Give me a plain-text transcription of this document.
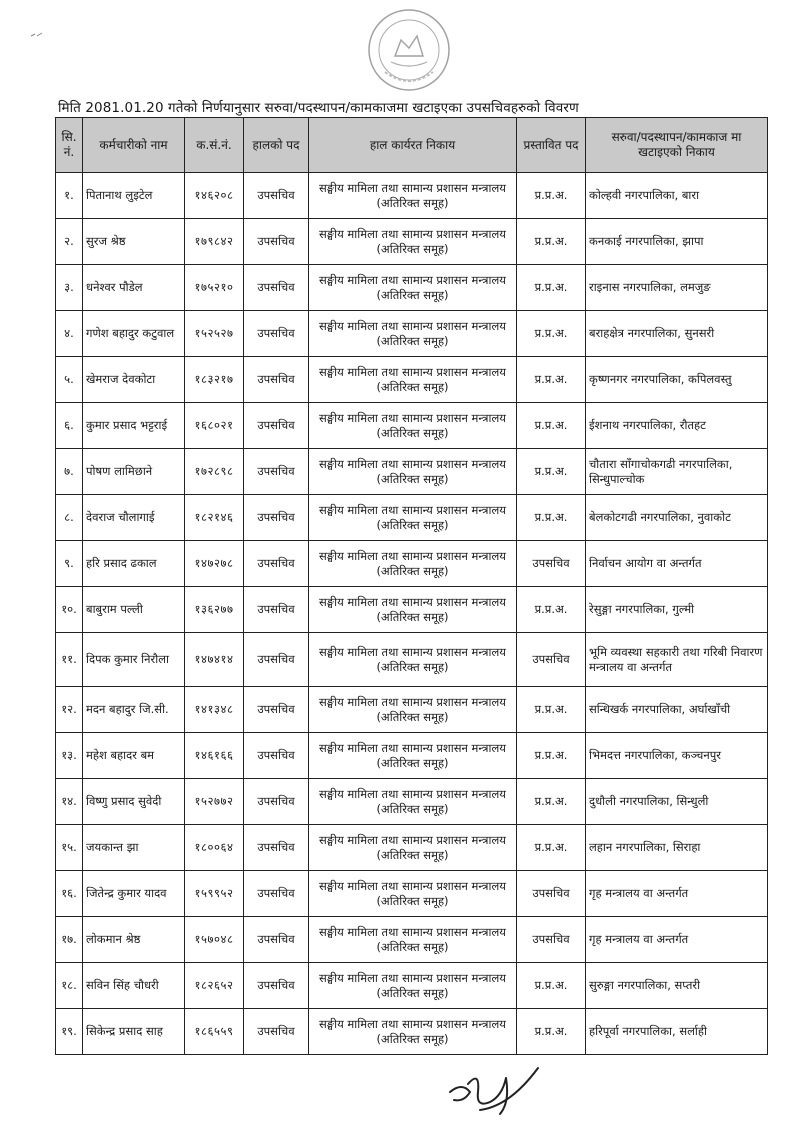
मिति 2081.01.20 गतेको निर्णयानुसार सरुवा/पदस्थापन/कामकाजमा खटाइएका उपसचिवहरुको विवरण
सि. नं.	कर्मचारीको नाम	क.सं.नं.	हालको पद	हाल कार्यरत निकाय	प्रस्तावित पद	सरुवा/पदस्थापन/कामकाज मा खटाइएको निकाय
१.	पितानाथ लुइटेल	१४६२०८	उपसचिव	सङ्घीय मामिला तथा सामान्य प्रशासन मन्त्रालय (अतिरिक्त समूह)	प्र.प्र.अ.	कोल्हवी नगरपालिका, बारा
२.	सुरज श्रेष्ठ	१७९८४२	उपसचिव	सङ्घीय मामिला तथा सामान्य प्रशासन मन्त्रालय (अतिरिक्त समूह)	प्र.प्र.अ.	कनकाई नगरपालिका, झापा
३.	धनेश्वर पौडेल	१७५२१०	उपसचिव	सङ्घीय मामिला तथा सामान्य प्रशासन मन्त्रालय (अतिरिक्त समूह)	प्र.प्र.अ.	राइनास नगरपालिका, लमजुङ
४.	गणेश बहादुर कटुवाल	१५२५२७	उपसचिव	सङ्घीय मामिला तथा सामान्य प्रशासन मन्त्रालय (अतिरिक्त समूह)	प्र.प्र.अ.	बराहक्षेत्र नगरपालिका, सुनसरी
५.	खेमराज देवकोटा	१८३२१७	उपसचिव	सङ्घीय मामिला तथा सामान्य प्रशासन मन्त्रालय (अतिरिक्त समूह)	प्र.प्र.अ.	कृष्णनगर नगरपालिका, कपिलवस्तु
६.	कुमार प्रसाद भट्टराई	१६८०२१	उपसचिव	सङ्घीय मामिला तथा सामान्य प्रशासन मन्त्रालय (अतिरिक्त समूह)	प्र.प्र.अ.	ईशनाथ नगरपालिका, रौतहट
७.	पोषण लामिछाने	१७२८९८	उपसचिव	सङ्घीय मामिला तथा सामान्य प्रशासन मन्त्रालय (अतिरिक्त समूह)	प्र.प्र.अ.	चौतारा साँगाचोकगढी नगरपालिका, सिन्धुपाल्चोक
८.	देवराज चौलागाई	१८२१४६	उपसचिव	सङ्घीय मामिला तथा सामान्य प्रशासन मन्त्रालय (अतिरिक्त समूह)	प्र.प्र.अ.	बेलकोटगढी नगरपालिका, नुवाकोट
९.	हरि प्रसाद ढकाल	१४७२७८	उपसचिव	सङ्घीय मामिला तथा सामान्य प्रशासन मन्त्रालय (अतिरिक्त समूह)	उपसचिव	निर्वाचन आयोग वा अन्तर्गत
१०.	बाबुराम पल्ली	१३६२७७	उपसचिव	सङ्घीय मामिला तथा सामान्य प्रशासन मन्त्रालय (अतिरिक्त समूह)	प्र.प्र.अ.	रेसुङ्गा नगरपालिका, गुल्मी
११.	दिपक कुमार निरौला	१४७४१४	उपसचिव	सङ्घीय मामिला तथा सामान्य प्रशासन मन्त्रालय (अतिरिक्त समूह)	उपसचिव	भूमि व्यवस्था सहकारी तथा गरिबी निवारण मन्त्रालय वा अन्तर्गत
१२.	मदन बहादुर जि.सी.	१४१३४८	उपसचिव	सङ्घीय मामिला तथा सामान्य प्रशासन मन्त्रालय (अतिरिक्त समूह)	प्र.प्र.अ.	सन्धिखर्क नगरपालिका, अर्घाखाँची
१३.	महेश बहादर बम	१४६१६६	उपसचिव	सङ्घीय मामिला तथा सामान्य प्रशासन मन्त्रालय (अतिरिक्त समूह)	प्र.प्र.अ.	भिमदत्त नगरपालिका, कञ्चनपुर
१४.	विष्णु प्रसाद सुवेदी	१५२७७२	उपसचिव	सङ्घीय मामिला तथा सामान्य प्रशासन मन्त्रालय (अतिरिक्त समूह)	प्र.प्र.अ.	दुधौली नगरपालिका, सिन्धुली
१५.	जयकान्त झा	१८००६४	उपसचिव	सङ्घीय मामिला तथा सामान्य प्रशासन मन्त्रालय (अतिरिक्त समूह)	प्र.प्र.अ.	लहान नगरपालिका, सिराहा
१६.	जितेन्द्र कुमार यादव	१५९९५२	उपसचिव	सङ्घीय मामिला तथा सामान्य प्रशासन मन्त्रालय (अतिरिक्त समूह)	उपसचिव	गृह मन्त्रालय वा अन्तर्गत
१७.	लोकमान श्रेष्ठ	१५७०४८	उपसचिव	सङ्घीय मामिला तथा सामान्य प्रशासन मन्त्रालय (अतिरिक्त समूह)	उपसचिव	गृह मन्त्रालय वा अन्तर्गत
१८.	सविन सिंह चौधरी	१८२६५२	उपसचिव	सङ्घीय मामिला तथा सामान्य प्रशासन मन्त्रालय (अतिरिक्त समूह)	प्र.प्र.अ.	सुरुङ्गा नगरपालिका, सप्तरी
१९.	सिकेन्द्र प्रसाद साह	१८६५५९	उपसचिव	सङ्घीय मामिला तथा सामान्य प्रशासन मन्त्रालय (अतिरिक्त समूह)	प्र.प्र.अ.	हरिपूर्वा नगरपालिका, सर्लाही
